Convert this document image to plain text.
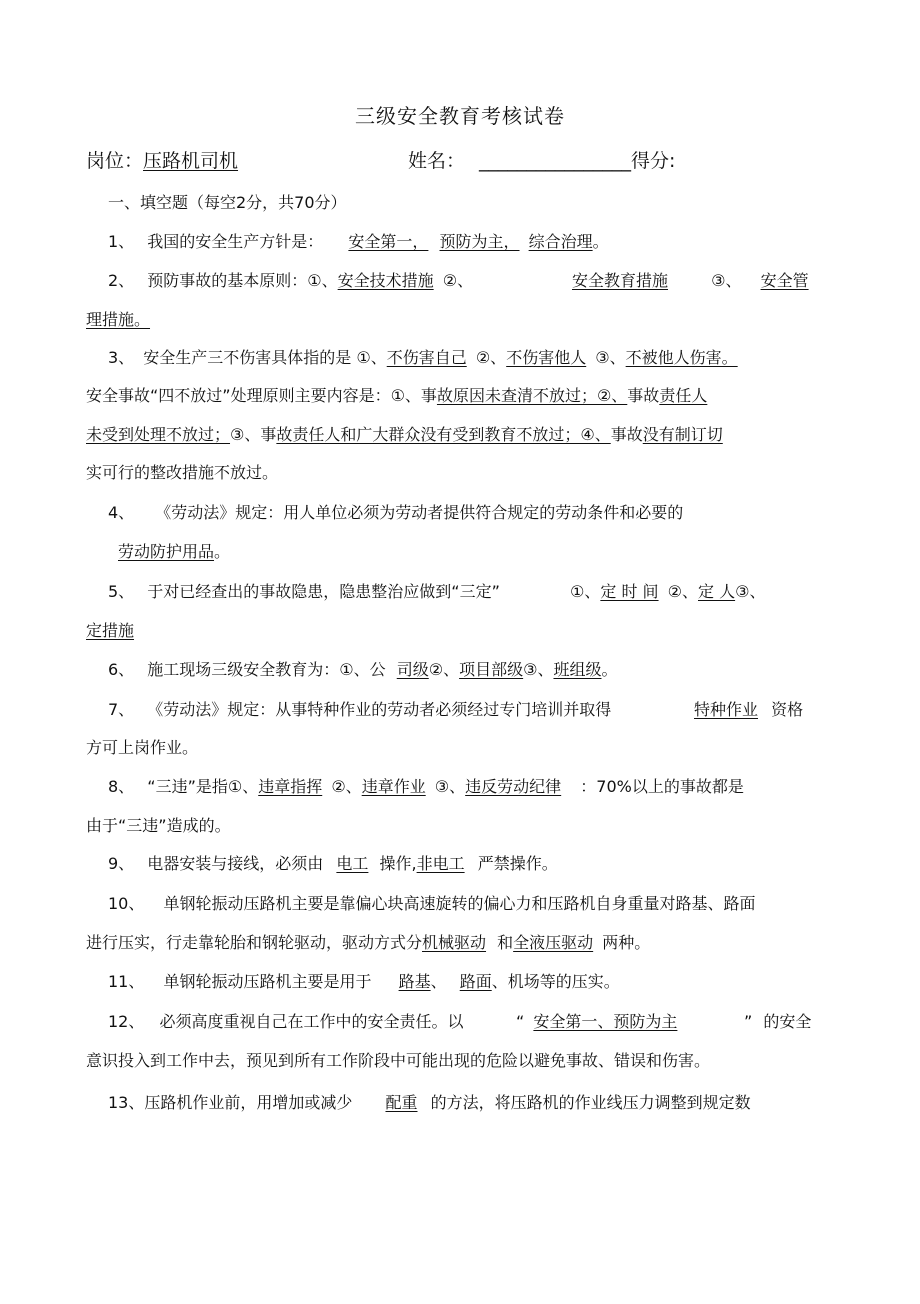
三级安全教育考核试卷
岗位：压路机司机	姓名： ________________得分:
一、填空题（每空2分，共70分）
1、 我国的安全生产方针是： 安全第一， 预防为主， 综合治理。
2、 预防事故的基本原则：①、安全技术措施 ②、	安全教育措施	③、 安全管
理措施。
3、 安全生产三不伤害具体指的是 ①、不伤害自己 ②、不伤害他人 ③、不被他人伤害。
安全事故“四不放过”处理原则主要内容是：①、事故原因未查清不放过；②、事故责任人
未受到处理不放过；③、事故责任人和广大群众没有受到教育不放过；④、事故没有制订切
实可行的整改措施不放过。
4、 《劳动法》规定：用人单位必须为劳动者提供符合规定的劳动条件和必要的
劳动防护用品。
5、 于对已经查出的事故隐患，隐患整治应做到“三定”	①、定 时 间 ②、定 人③、
定措施
6、 施工现场三级安全教育为：①、公 司级②、项目部级③、班组级。
7、 《劳动法》规定：从事特种作业的劳动者必须经过专门培训并取得	特种作业 资格
方可上岗作业。
8、 “三违”是指①、违章指挥 ②、违章作业 ③、违反劳动纪律 ：70%以上的事故都是
由于“三违”造成的。
9、 电器安装与接线，必须由 电工 操作,非电工 严禁操作。
10、 单钢轮振动压路机主要是靠偏心块高速旋转的偏心力和压路机自身重量对路基、路面
进行压实，行走靠轮胎和钢轮驱动，驱动方式分机械驱动 和全液压驱动 两种。
11、 单钢轮振动压路机主要是用于 路基、 路面、机场等的压实。
12、 必须高度重视自己在工作中的安全责任。以	“ 安全第一、预防为主	” 的安全
意识投入到工作中去，预见到所有工作阶段中可能出现的危险以避免事故、错误和伤害。
13、压路机作业前，用增加或减少 配重 的方法，将压路机的作业线压力调整到规定数
